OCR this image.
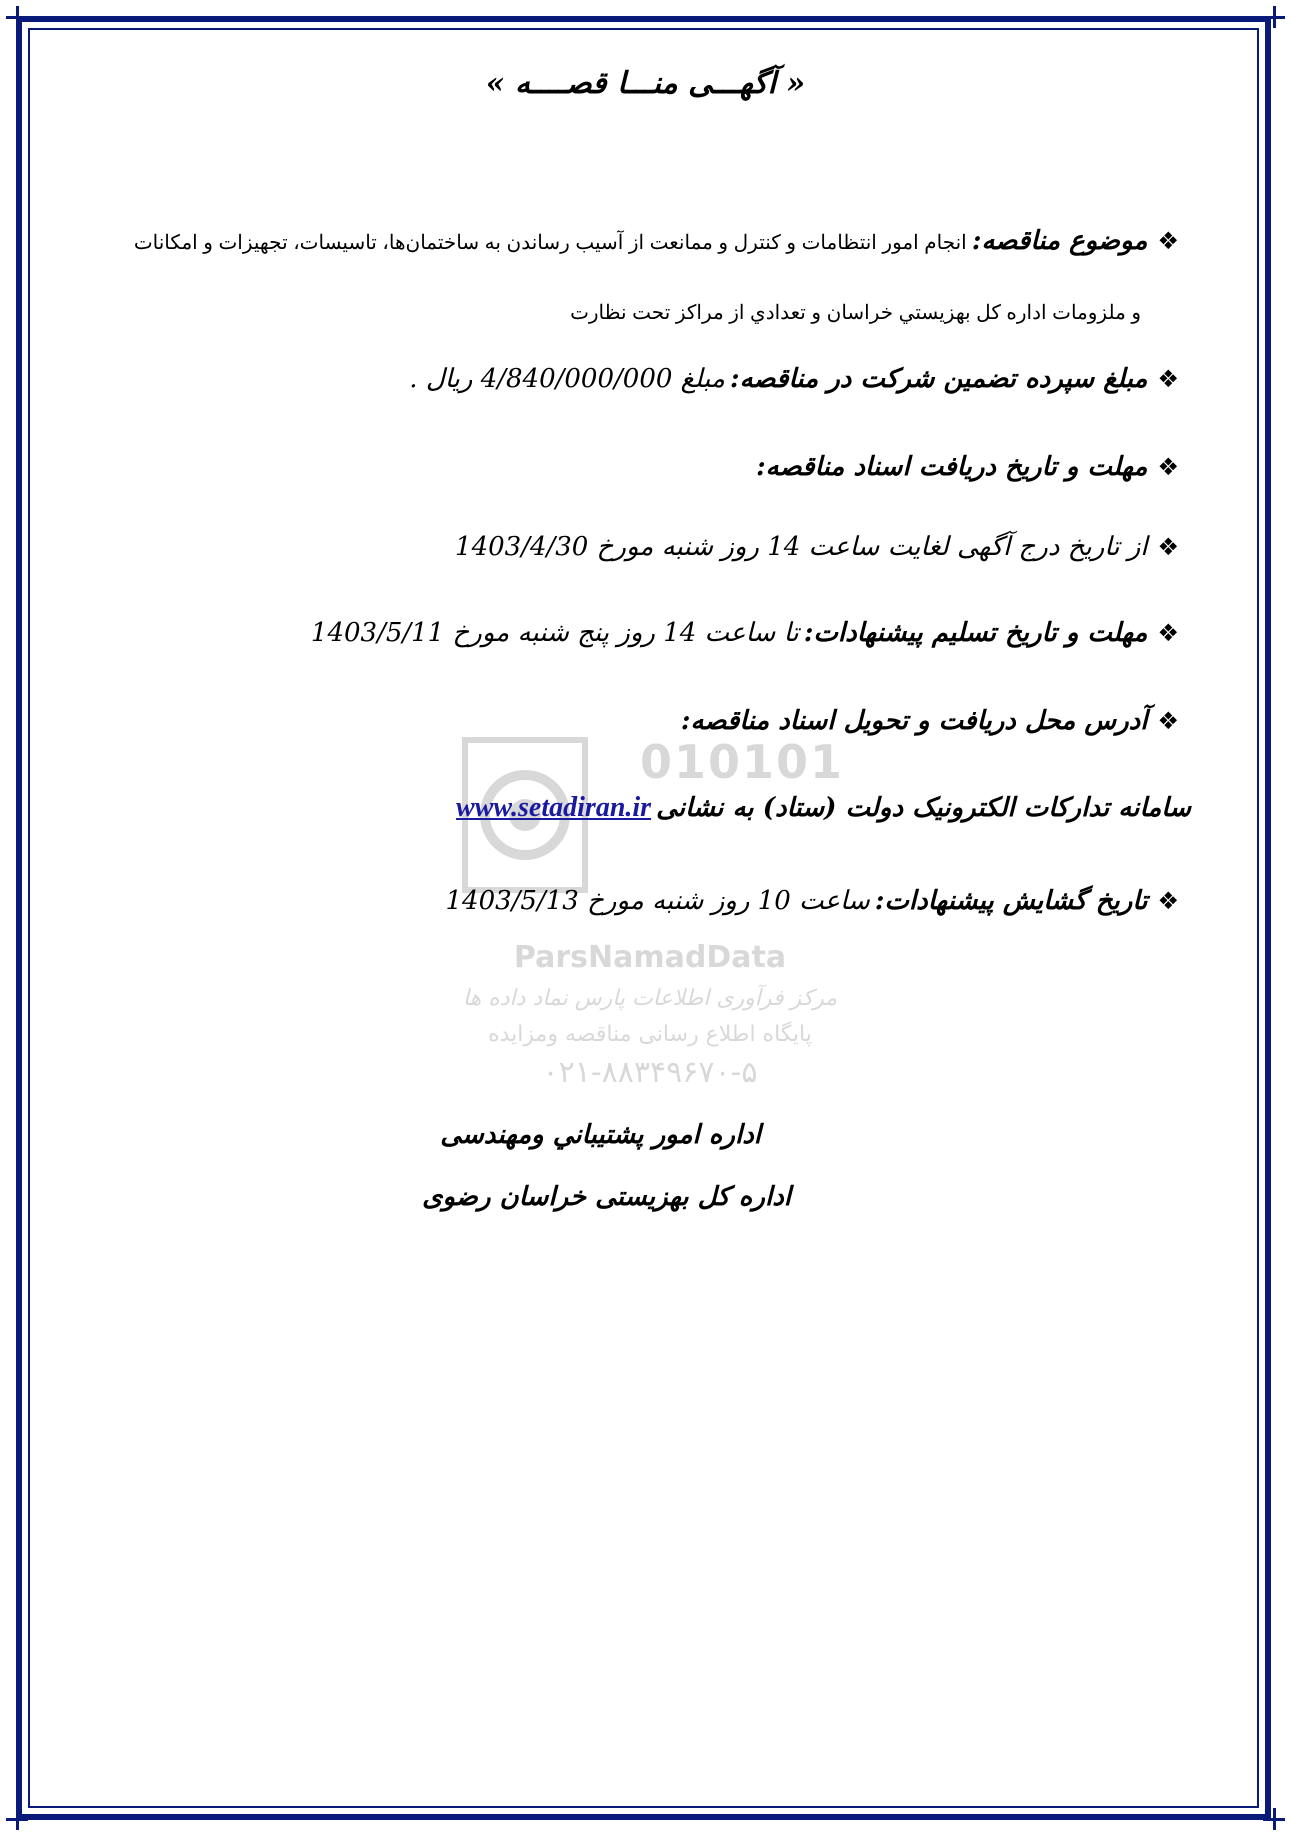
010101
ParsNamadData
مرکز فرآوری اطلاعات پارس نماد داده ها
پایگاه اطلاع رسانی مناقصه ومزایده
۰۲۱-۸۸۳۴۹۶۷۰-۵
« آگهـــی منـــا قصــــه »
❖موضوع مناقصه: انجام امور انتظامات و کنترل و ممانعت از آسیب رساندن به ساختمان‌ها، تاسیسات، تجهیزات و امکانات
و ملزومات اداره کل بهزيستي خراسان و تعدادي از مراكز تحت نظارت
❖مبلغ سپرده تضمین شرکت در مناقصه: مبلغ 4/840/000/000 ریال .
❖مهلت و تاریخ دریافت اسناد مناقصه:
❖از تاریخ درج آگهی لغایت ساعت 14 روز شنبه مورخ 1403/4/30
❖مهلت و تاریخ تسلیم پیشنهادات: تا ساعت 14 روز پنج شنبه مورخ 1403/5/11
❖آدرس محل دریافت و تحویل اسناد مناقصه:
سامانه تدارکات الکترونیک دولت (ستاد) به نشانی www.setadiran.ir
❖تاریخ گشایش پیشنهادات: ساعت 10 روز شنبه مورخ 1403/5/13
اداره امور پشتيباني ومهندسی
اداره کل بهزیستی خراسان رضوی
